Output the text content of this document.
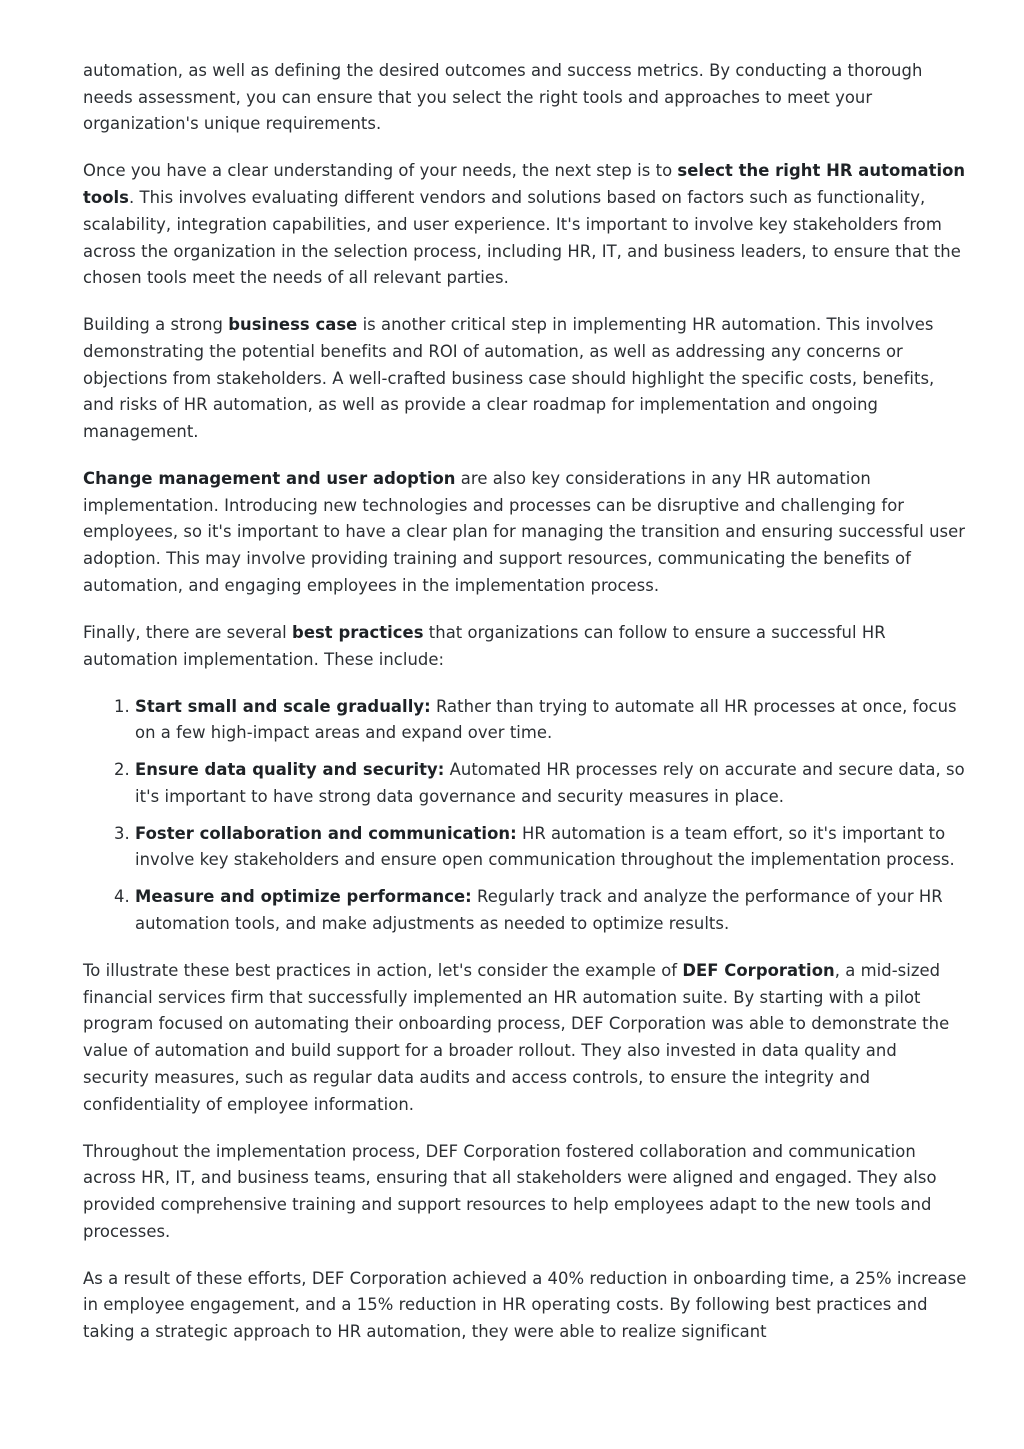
automation, as well as defining the desired outcomes and success metrics. By conducting a thorough needs assessment, you can ensure that you select the right tools and approaches to meet your organization's unique requirements.

Once you have a clear understanding of your needs, the next step is to select the right HR automation tools. This involves evaluating different vendors and solutions based on factors such as functionality, scalability, integration capabilities, and user experience. It's important to involve key stakeholders from across the organization in the selection process, including HR, IT, and business leaders, to ensure that the chosen tools meet the needs of all relevant parties.

Building a strong business case is another critical step in implementing HR automation. This involves demonstrating the potential benefits and ROI of automation, as well as addressing any concerns or objections from stakeholders. A well-crafted business case should highlight the specific costs, benefits, and risks of HR automation, as well as provide a clear roadmap for implementation and ongoing management.

Change management and user adoption are also key considerations in any HR automation implementation. Introducing new technologies and processes can be disruptive and challenging for employees, so it's important to have a clear plan for managing the transition and ensuring successful user adoption. This may involve providing training and support resources, communicating the benefits of automation, and engaging employees in the implementation process.

Finally, there are several best practices that organizations can follow to ensure a successful HR automation implementation. These include:

1. Start small and scale gradually: Rather than trying to automate all HR processes at once, focus on a few high-impact areas and expand over time.
2. Ensure data quality and security: Automated HR processes rely on accurate and secure data, so it's important to have strong data governance and security measures in place.
3. Foster collaboration and communication: HR automation is a team effort, so it's important to involve key stakeholders and ensure open communication throughout the implementation process.
4. Measure and optimize performance: Regularly track and analyze the performance of your HR automation tools, and make adjustments as needed to optimize results.

To illustrate these best practices in action, let's consider the example of DEF Corporation, a mid-sized financial services firm that successfully implemented an HR automation suite. By starting with a pilot program focused on automating their onboarding process, DEF Corporation was able to demonstrate the value of automation and build support for a broader rollout. They also invested in data quality and security measures, such as regular data audits and access controls, to ensure the integrity and confidentiality of employee information.

Throughout the implementation process, DEF Corporation fostered collaboration and communication across HR, IT, and business teams, ensuring that all stakeholders were aligned and engaged. They also provided comprehensive training and support resources to help employees adapt to the new tools and processes.

As a result of these efforts, DEF Corporation achieved a 40% reduction in onboarding time, a 25% increase in employee engagement, and a 15% reduction in HR operating costs. By following best practices and taking a strategic approach to HR automation, they were able to realize significant
